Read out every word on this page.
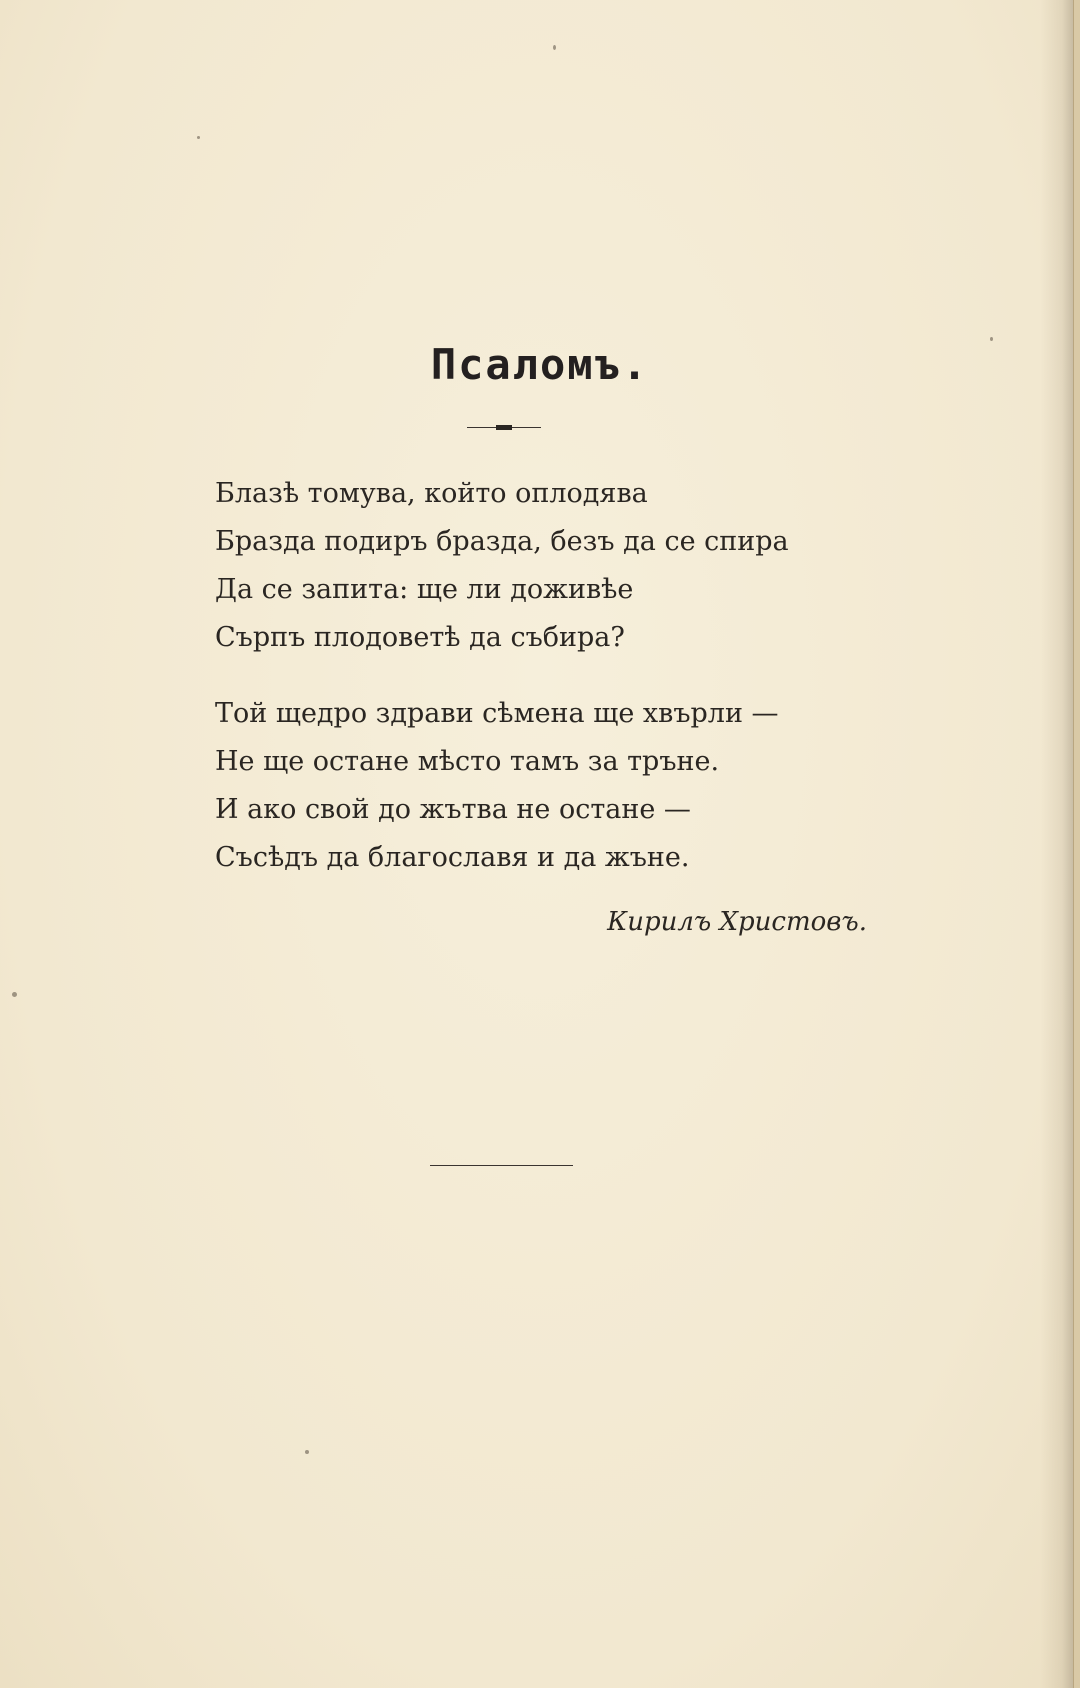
Псаломъ.
Блазѣ томува, който оплодява
Бразда подиръ бразда, безъ да се спира
Да се запита: ще ли доживѣе
Сърпъ плодоветѣ да събира?
Той щедро здрави сѣмена ще хвърли —
Не ще остане мѣсто тамъ за тръне.
И ако свой до жътва не остане —
Съсѣдъ да благославя и да жъне.
Кирилъ Христовъ.
